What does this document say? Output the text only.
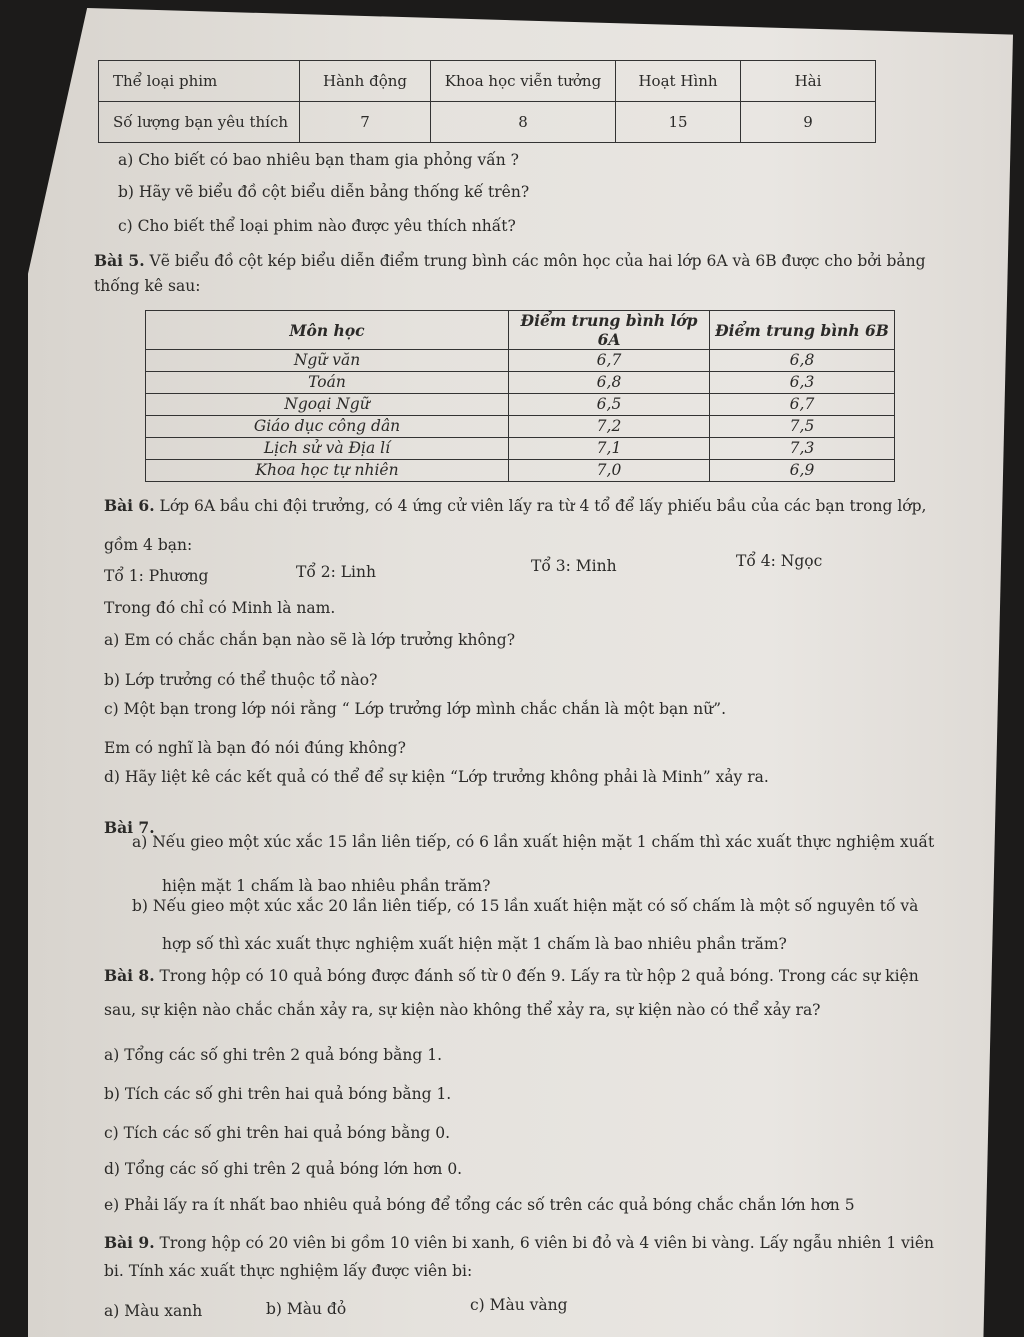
Thể loại phim	Hành động	Khoa học viễn tưởng	Hoạt Hình	Hài
Số lượng bạn yêu thích	7	8	15	9
a) Cho biết có bao nhiêu bạn tham gia phỏng vấn ?
b) Hãy vẽ biểu đồ cột biểu diễn bảng thống kế trên?
c) Cho biết thể loại phim nào được yêu thích nhất?
Bài 5. Vẽ biểu đồ cột kép biểu diễn điểm trung bình các môn học của hai lớp 6A và 6B được cho bởi bảng
thống kê sau:
Môn học	Điểm trung bình lớp 6A	Điểm trung bình 6B
Ngữ văn	6,7	6,8
Toán	6,8	6,3
Ngoại Ngữ	6,5	6,7
Giáo dục công dân	7,2	7,5
Lịch sử và Địa lí	7,1	7,3
Khoa học tự nhiên	7,0	6,9
Bài 6. Lớp 6A bầu chi đội trưởng, có 4 ứng cử viên lấy ra từ 4 tổ để lấy phiếu bầu của các bạn trong lớp,
gồm 4 bạn:
Tổ 1: Phương	Tổ 2: Linh	Tổ 3: Minh	Tổ 4: Ngọc
Trong đó chỉ có Minh là nam.
a) Em có chắc chắn bạn nào sẽ là lớp trưởng không?
b) Lớp trưởng có thể thuộc tổ nào?
c) Một bạn trong lớp nói rằng “ Lớp trưởng lớp mình chắc chắn là một bạn nữ”.
Em có nghĩ là bạn đó nói đúng không?
d) Hãy liệt kê các kết quả có thể để sự kiện “Lớp trưởng không phải là Minh” xảy ra.
Bài 7.
a) Nếu gieo một xúc xắc 15 lần liên tiếp, có 6 lần xuất hiện mặt 1 chấm thì xác xuất thực nghiệm xuất
hiện mặt 1 chấm là bao nhiêu phần trăm?
b) Nếu gieo một xúc xắc 20 lần liên tiếp, có 15 lần xuất hiện mặt có số chấm là một số nguyên tố và
hợp số thì xác xuất thực nghiệm xuất hiện mặt 1 chấm là bao nhiêu phần trăm?
Bài 8. Trong hộp có 10 quả bóng được đánh số từ 0 đến 9. Lấy ra từ hộp 2 quả bóng. Trong các sự kiện
sau, sự kiện nào chắc chắn xảy ra, sự kiện nào không thể xảy ra, sự kiện nào có thể xảy ra?
a) Tổng các số ghi trên 2 quả bóng bằng 1.
b) Tích các số ghi trên hai quả bóng bằng 1.
c) Tích các số ghi trên hai quả bóng bằng 0.
d) Tổng các số ghi trên 2 quả bóng lớn hơn 0.
e) Phải lấy ra ít nhất bao nhiêu quả bóng để tổng các số trên các quả bóng chắc chắn lớn hơn 5
Bài 9. Trong hộp có 20 viên bi gồm 10 viên bi xanh, 6 viên bi đỏ và 4 viên bi vàng. Lấy ngẫu nhiên 1 viên
bi. Tính xác xuất thực nghiệm lấy được viên bi:
a) Màu xanh	b) Màu đỏ	c) Màu vàng
